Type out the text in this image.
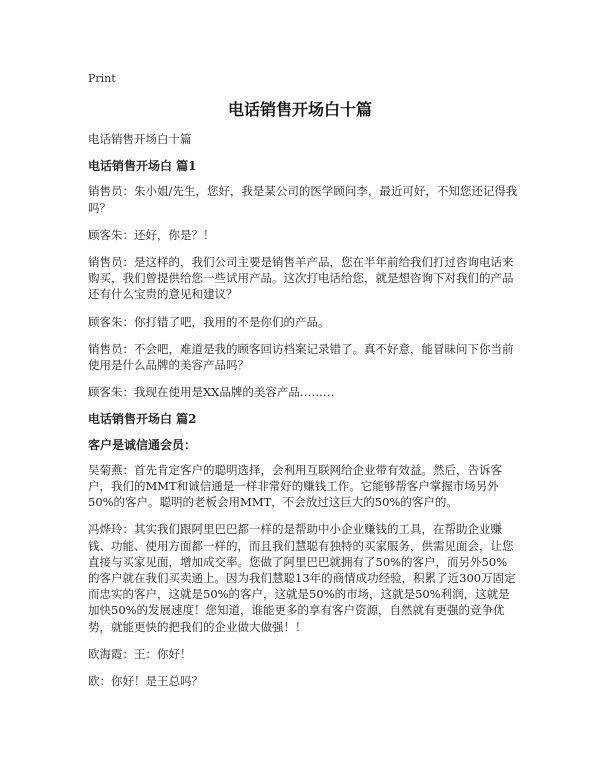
Print
电话销售开场白十篇
电话销售开场白十篇
电话销售开场白 篇1
销售员：朱小姐/先生，您好，我是某公司的医学顾问李，最近可好，不知您还记得我吗？
顾客朱：还好，你是？！
销售员：是这样的，我们公司主要是销售羊产品，您在半年前给我们打过咨询电话来购买，我们曾提供给您一些试用产品。这次打电话给您，就是想咨询下对我们的产品还有什么宝贵的意见和建议？
顾客朱：你打错了吧，我用的不是你们的产品。
销售员：不会吧，难道是我的顾客回访档案记录错了。真不好意，能冒昧问下你当前使用是什么品牌的美容产品吗？
顾客朱：我现在使用是XX品牌的美容产品………
电话销售开场白 篇2
客户是诚信通会员：
吴菊燕：首先肯定客户的聪明选择，会利用互联网给企业带有效益。然后，告诉客户，我们的MMT和诚信通是一样非常好的赚钱工作。它能够帮客户掌握市场另外50%的客户。聪明的老板会用MMT，不会放过这巨大的50%的客户的。
冯烨玲：其实我们跟阿里巴巴都一样的是帮助中小企业赚钱的工具，在帮助企业赚钱、功能、使用方面都一样的，而且我们慧聪有独特的买家服务，供需见面会，让您直接与买家见面，增加成交率。您做了阿里巴巴就拥有了50%的客户，而另外50%的客户就在我们买卖通上。因为我们慧聪13年的商情成功经验，积累了近300万固定而忠实的客户，这就是50%的客户，这就是50%的市场，这就是50%利润，这就是加快50%的发展速度！您知道，谁能更多的享有客户资源，自然就有更强的竞争优势，就能更快的把我们的企业做大做强！！
欧海霞：王：你好！
欧：你好！是王总吗？
